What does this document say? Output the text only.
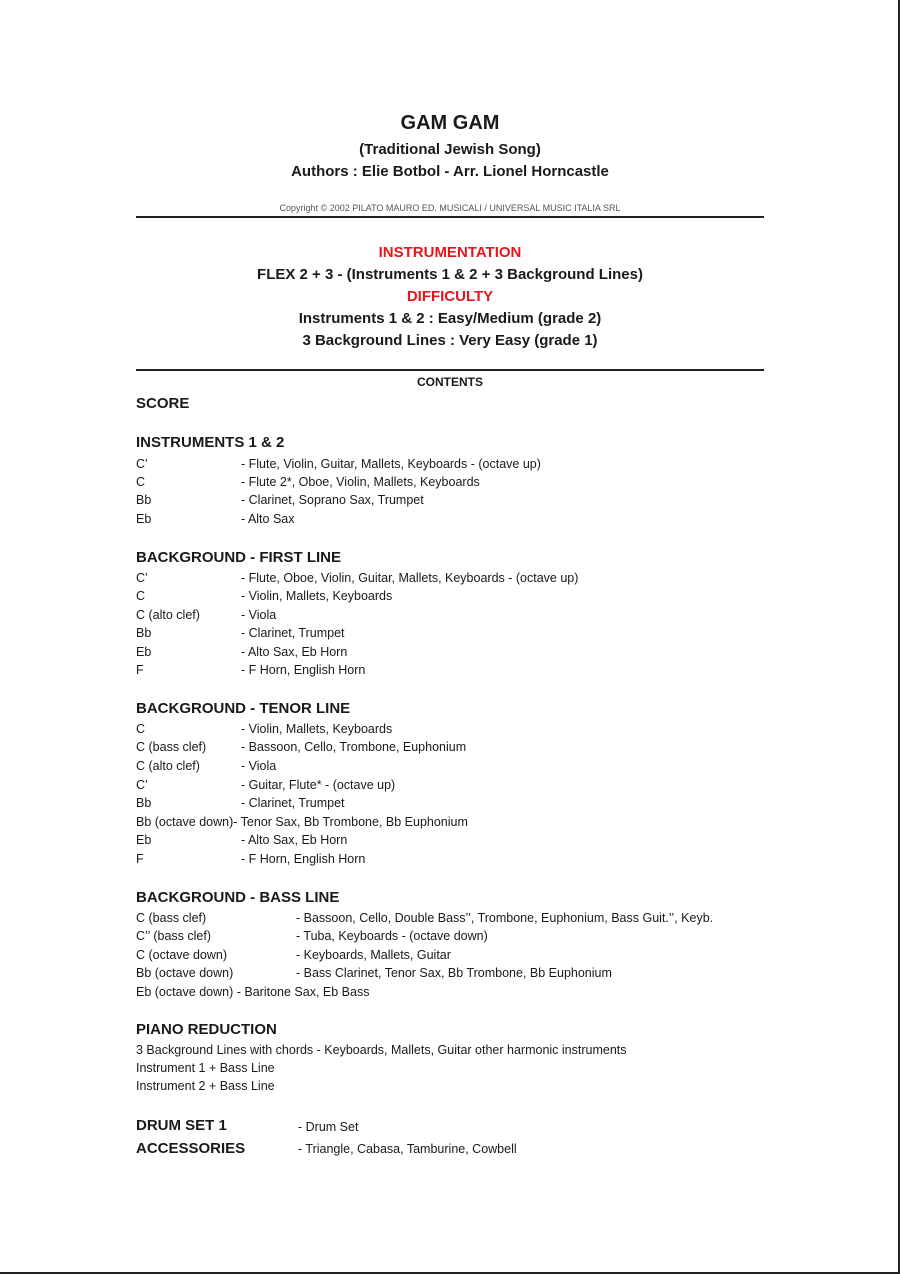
GAM GAM
(Traditional Jewish Song)
Authors : Elie Botbol - Arr. Lionel Horncastle
Copyright © 2002 PILATO MAURO ED. MUSICALI / UNIVERSAL MUSIC ITALIA SRL
INSTRUMENTATION
FLEX 2 + 3 - (Instruments 1 & 2 + 3 Background Lines)
DIFFICULTY
Instruments 1 & 2 : Easy/Medium (grade 2)
3 Background Lines : Very Easy (grade 1)
CONTENTS
SCORE
INSTRUMENTS 1 & 2
C’	- Flute, Violin, Guitar, Mallets, Keyboards - (octave up)
C	- Flute 2*, Oboe, Violin, Mallets, Keyboards
Bb	- Clarinet, Soprano Sax, Trumpet
Eb	- Alto Sax
BACKGROUND - FIRST LINE
C’	- Flute, Oboe, Violin, Guitar, Mallets, Keyboards - (octave up)
C	- Violin, Mallets, Keyboards
C (alto clef)	- Viola
Bb	- Clarinet, Trumpet
Eb	- Alto Sax, Eb Horn
F	- F Horn, English Horn
BACKGROUND - TENOR LINE
C	- Violin, Mallets, Keyboards
C (bass clef)	- Bassoon, Cello, Trombone, Euphonium
C (alto clef)	- Viola
C’	- Guitar, Flute* - (octave up)
Bb	- Clarinet, Trumpet
Bb (octave down)- Tenor Sax, Bb Trombone, Bb Euphonium
Eb	- Alto Sax, Eb Horn
F	- F Horn, English Horn
BACKGROUND - BASS LINE
C (bass clef)	- Bassoon, Cello, Double Bass’’, Trombone, Euphonium, Bass Guit.’’, Keyb.
C’’ (bass clef)	- Tuba, Keyboards - (octave down)
C (octave down)	- Keyboards, Mallets, Guitar
Bb (octave down)	- Bass Clarinet, Tenor Sax, Bb Trombone, Bb Euphonium
Eb (octave down) - Baritone Sax, Eb Bass
PIANO REDUCTION
3 Background Lines with chords - Keyboards, Mallets, Guitar other harmonic instruments
Instrument 1 + Bass Line
Instrument 2 + Bass Line
DRUM SET 1	- Drum Set
ACCESSORIES	- Triangle, Cabasa, Tamburine, Cowbell
